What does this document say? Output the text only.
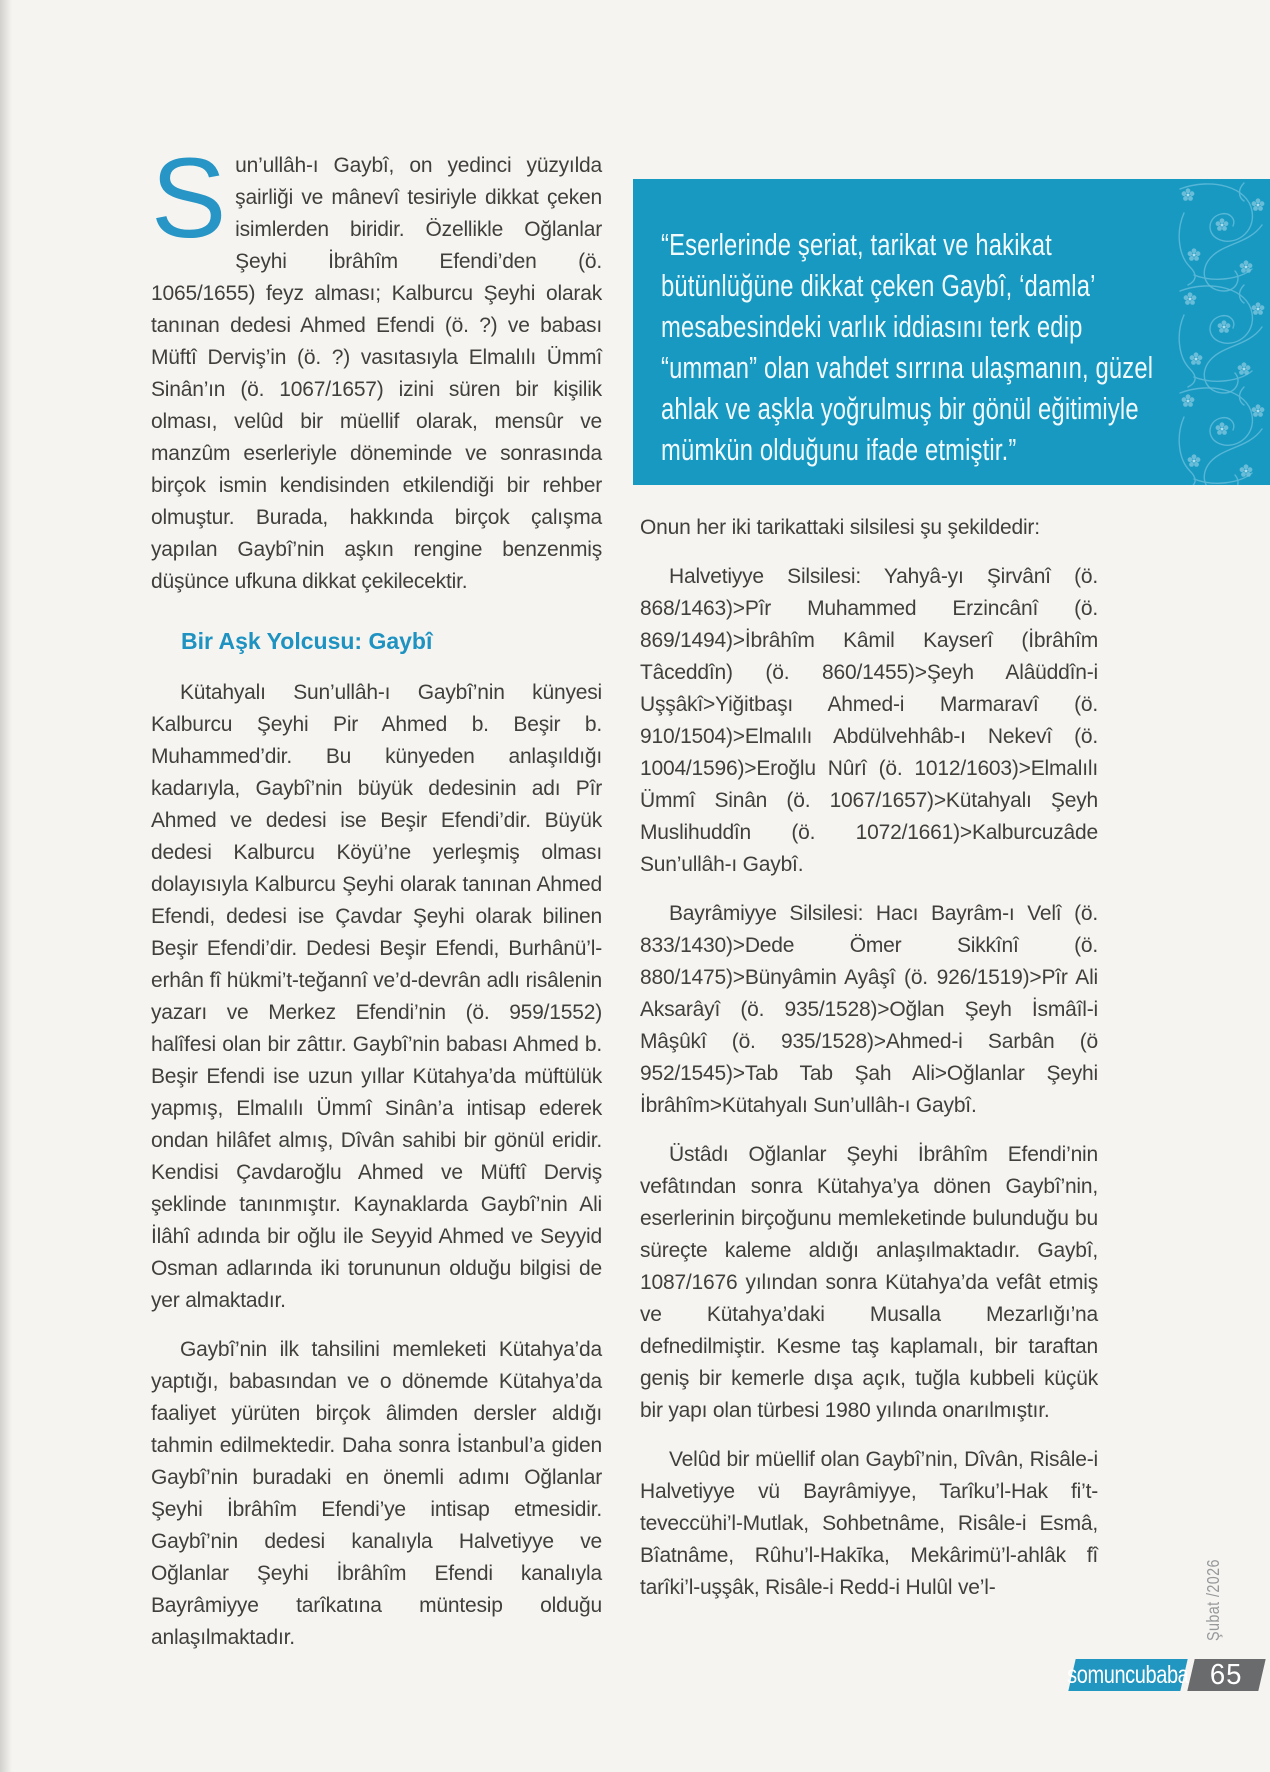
Sun’ullâh-ı Gaybî, on yedinci yüzyılda şairliği ve mânevî tesiriyle dikkat çeken isimlerden biridir. Özellikle Oğlanlar Şeyhi İbrâhîm Efendi’den (ö. 1065/1655) feyz alması; Kalburcu Şeyhi olarak tanınan dedesi Ahmed Efendi (ö. ?) ve babası Müftî Derviş’in (ö. ?) vasıtasıyla Elmalılı Ümmî Sinân’ın (ö. 1067/1657) izini süren bir kişilik olması, velûd bir müellif olarak, mensûr ve manzûm eserleriyle döneminde ve sonrasında birçok ismin kendisinden etkilendiği bir rehber olmuştur. Burada, hakkında birçok çalışma yapılan Gaybî’nin aşkın rengine benzenmiş düşünce ufkuna dikkat çekilecektir.

Bir Aşk Yolcusu: Gaybî

Kütahyalı Sun’ullâh-ı Gaybî’nin künyesi Kalburcu Şeyhi Pir Ahmed b. Beşir b. Muhammed’dir. Bu künyeden anlaşıldığı kadarıyla, Gaybî’nin büyük dedesinin adı Pîr Ahmed ve dedesi ise Beşir Efendi’dir. Büyük dedesi Kalburcu Köyü’ne yerleşmiş olması dolayısıyla Kalburcu Şeyhi olarak tanınan Ahmed Efendi, dedesi ise Çavdar Şeyhi olarak bilinen Beşir Efendi’dir. Dedesi Beşir Efendi, Burhânü’l-erhân fî hükmi’t-teğannî ve’d-devrân adlı risâlenin yazarı ve Merkez Efendi’nin (ö. 959/1552) halîfesi olan bir zâttır. Gaybî’nin babası Ahmed b. Beşir Efendi ise uzun yıllar Kütahya’da müftülük yapmış, Elmalılı Ümmî Sinân’a intisap ederek ondan hilâfet almış, Dîvân sahibi bir gönül eridir. Kendisi Çavdaroğlu Ahmed ve Müftî Derviş şeklinde tanınmıştır. Kaynaklarda Gaybî’nin Ali İlâhî adında bir oğlu ile Seyyid Ahmed ve Seyyid Osman adlarında iki torununun olduğu bilgisi de yer almaktadır.

Gaybî’nin ilk tahsilini memleketi Kütahya’da yaptığı, babasından ve o dönemde Kütahya’da faaliyet yürüten birçok âlimden dersler aldığı tahmin edilmektedir. Daha sonra İstanbul’a giden Gaybî’nin buradaki en önemli adımı Oğlanlar Şeyhi İbrâhîm Efendi’ye intisap etmesidir. Gaybî’nin dedesi kanalıyla Halvetiyye ve Oğlanlar Şeyhi İbrâhîm Efendi kanalıyla Bayrâmiyye tarîkatına müntesip olduğu anlaşılmaktadır.

“Eserlerinde şeriat, tarikat ve hakikat bütünlüğüne dikkat çeken Gaybî, ‘damla’ mesabesindeki varlık iddiasını terk edip “umman” olan vahdet sırrına ulaşmanın, güzel ahlak ve aşkla yoğrulmuş bir gönül eğitimiyle mümkün olduğunu ifade etmiştir.”

Onun her iki tarikattaki silsilesi şu şekildedir:

Halvetiyye Silsilesi: Yahyâ-yı Şirvânî (ö. 868/1463)>Pîr Muhammed Erzincânî (ö. 869/1494)>İbrâhîm Kâmil Kayserî (İbrâhîm Tâceddîn) (ö. 860/1455)>Şeyh Alâüddîn-i Uşşâkî>Yiğitbaşı Ahmed-i Marmaravî (ö. 910/1504)>Elmalılı Abdülvehhâb-ı Nekevî (ö. 1004/1596)>Eroğlu Nûrî (ö. 1012/1603)>Elmalılı Ümmî Sinân (ö. 1067/1657)>Kütahyalı Şeyh Muslihuddîn (ö. 1072/1661)>Kalburcuzâde Sun’ullâh-ı Gaybî.

Bayrâmiyye Silsilesi: Hacı Bayrâm-ı Velî (ö. 833/1430)>Dede Ömer Sikkînî (ö. 880/1475)>Bünyâmin Ayâşî (ö. 926/1519)>Pîr Ali Aksarâyî (ö. 935/1528)>Oğlan Şeyh İsmâîl-i Mâşûkî (ö. 935/1528)>Ahmed-i Sarbân (ö 952/1545)>Tab Tab Şah Ali>Oğlanlar Şeyhi İbrâhîm>Kütahyalı Sun’ullâh-ı Gaybî.

Üstâdı Oğlanlar Şeyhi İbrâhîm Efendi’nin vefâtından sonra Kütahya’ya dönen Gaybî’nin, eserlerinin birçoğunu memleketinde bulunduğu bu süreçte kaleme aldığı anlaşılmaktadır. Gaybî, 1087/1676 yılından sonra Kütahya’da vefât etmiş ve Kütahya’daki Musalla Mezarlığı’na defnedilmiştir. Kesme taş kaplamalı, bir taraftan geniş bir kemerle dışa açık, tuğla kubbeli küçük bir yapı olan türbesi 1980 yılında onarılmıştır.

Velûd bir müellif olan Gaybî’nin, Dîvân, Risâle-i Halvetiyye vü Bayrâmiyye, Tarîku’l-Hak fi’t-teveccühi’l-Mutlak, Sohbetnâme, Risâle-i Esmâ, Bîatnâme, Rûhu’l-Hakīka, Mekârimü’l-ahlâk fî tarîki’l-uşşâk, Risâle-i Redd-i Hulûl ve’l-	Şubat /2026
somuncubaba 65
